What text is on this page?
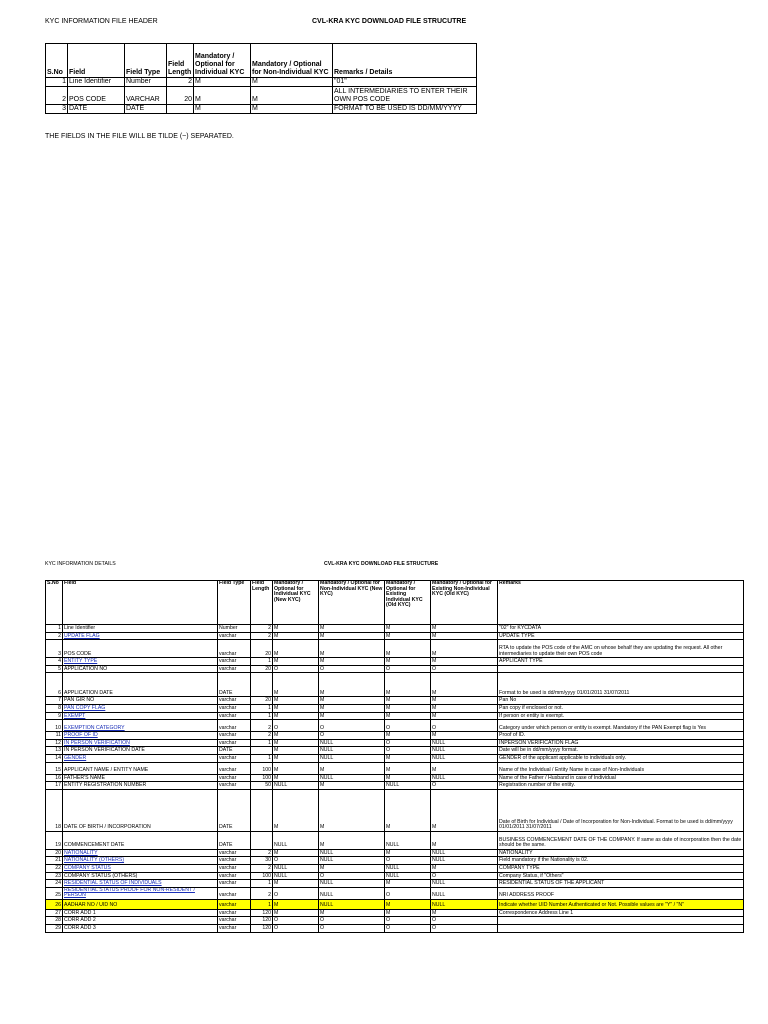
KYC INFORMATION FILE HEADER	CVL-KRA KYC DOWNLOAD FILE STRUCUTRE
S.No	Field	Field Type	Field Length	Mandatory / Optional for Individual KYC	Mandatory / Optional for Non-Individual KYC	Remarks / Details
1	Line Identifier	Number	2	M	M	"01"
2	POS CODE	VARCHAR	20	M	M	ALL INTERMEDIARIES TO ENTER THEIR OWN POS CODE
3	DATE	DATE		M	M	FORMAT TO BE USED IS DD/MM/YYYY
THE FIELDS IN THE FILE WILL BE TILDE (~) SEPARATED.
KYC INFORMATION DETAILS	CVL-KRA KYC DOWNLOAD FILE STRUCTURE
S.No	Field	Field Type	Field Length	Mandatory / Optional for Individual KYC (New KYC)	Mandatory / Optional for Non-Individual KYC (New KYC)	Mandatory / Optional for Existing Individual KYC (Old KYC)	Mandatory / Optional for Existing Non-Individual KYC (Old KYC)	Remarks
1	Line Identifier	Number	2	M	M	M	M	"02" for KYCDATA
2	UPDATE FLAG	varchar	2	M	M	M	M	UPDATE TYPE
3	POS CODE	varchar	20	M	M	M	M	RTA to update the POS code of the AMC on whose behalf they are updating the request. All other intermediaries to update their own POS code
4	ENTITY TYPE	varchar	1	M	M	M	M	APPLICANT TYPE
5	APPLICATION NO	varchar	20	O	O	O	O	
6	APPLICATION DATE	DATE		M	M	M	M	Format to be used is dd/mm/yyyy 01/01/2011 31/07/2011
7	PAN GIR NO	varchar	20	M	M	M	M	Pan No
8	PAN COPY FLAG	varchar	1	M	M	M	M	Pan copy if enclosed or not.
9	EXEMPT	varchar	1	M	M	M	M	If person or entity is exempt.
10	EXEMPTION CATEGORY	varchar	2	O	O	O	O	Category under which person or entity is exempt. Mandatory if the PAN Exempt flag is Yes
11	PROOF OF ID	varchar	2	M	O	M	M	Proof of ID.
12	IN PERSON VERIFICATION	varchar	1	M	NULL	O	NULL	INPERSON VERIFICATION FLAG
13	IN PERSON VERIFICATION DATE	DATE		M	NULL	O	NULL	Date will be in dd/mm/yyyy format.
14	GENDER	varchar	1	M	NULL	M	NULL	GENDER of the applicant applicable to individuals only.
15	APPLICANT NAME / ENTITY NAME	varchar	100	M	M	M	M	Name of the Individual / Entity Name in case of Non-Individuals
16	FATHER'S NAME	varchar	100	M	NULL	M	NULL	Name of the Father / Husband in case of Individual
17	ENTITY REGISTRATION NUMBER	varchar	50	NULL	M	NULL	O	Registration number of the entity.
18	DATE OF BIRTH / INCORPORATION	DATE		M	M	M	M	Date of Birth for Individual / Date of Incorporation for Non-Individual. Format to be used is dd/mm/yyyy 01/01/2011 31/07/2011
19	COMMENCEMENT DATE	DATE		NULL	M	NULL	M	BUSINESS COMMENCEMENT DATE OF THE COMPANY. If same as date of incorporation then the date should be the same.
20	NATIONALITY	varchar	2	M	NULL	M	NULL	NATIONALITY
21	NATIONALITY (OTHERS)	varchar	30	O	NULL	O	NULL	Field mandatory if the Nationality is 02.
22	COMPANY STATUS	varchar	2	NULL	M	NULL	M	COMPANY TYPE
23	COMPANY STATUS (OTHERS)	varchar	100	NULL	O	NULL	O	Company Status, if "Others"
24	RESIDENTIAL STATUS OF INDIVIDUALS	varchar	1	M	NULL	M	NULL	RESIDENTIAL STATUS OF THE APPLICANT
25	RESIDENTIAL STATUS PROOF FOR NON-RESIDENT / PERSON	varchar	2	O	NULL	O	NULL	NRI ADDRESS PROOF
26	AADHAR NO / UID NO	varchar	1	M	NULL	M	NULL	Indicate whether UID Number Authenticated or Not. Possible values are "Y" / "N"
27	CORR ADD 1	varchar	120	M	M	M	M	Correspondence Address Line 1
28	CORR ADD 2	varchar	120	O	O	O	O	
29	CORR ADD 3	varchar	120	O	O	O	O	
